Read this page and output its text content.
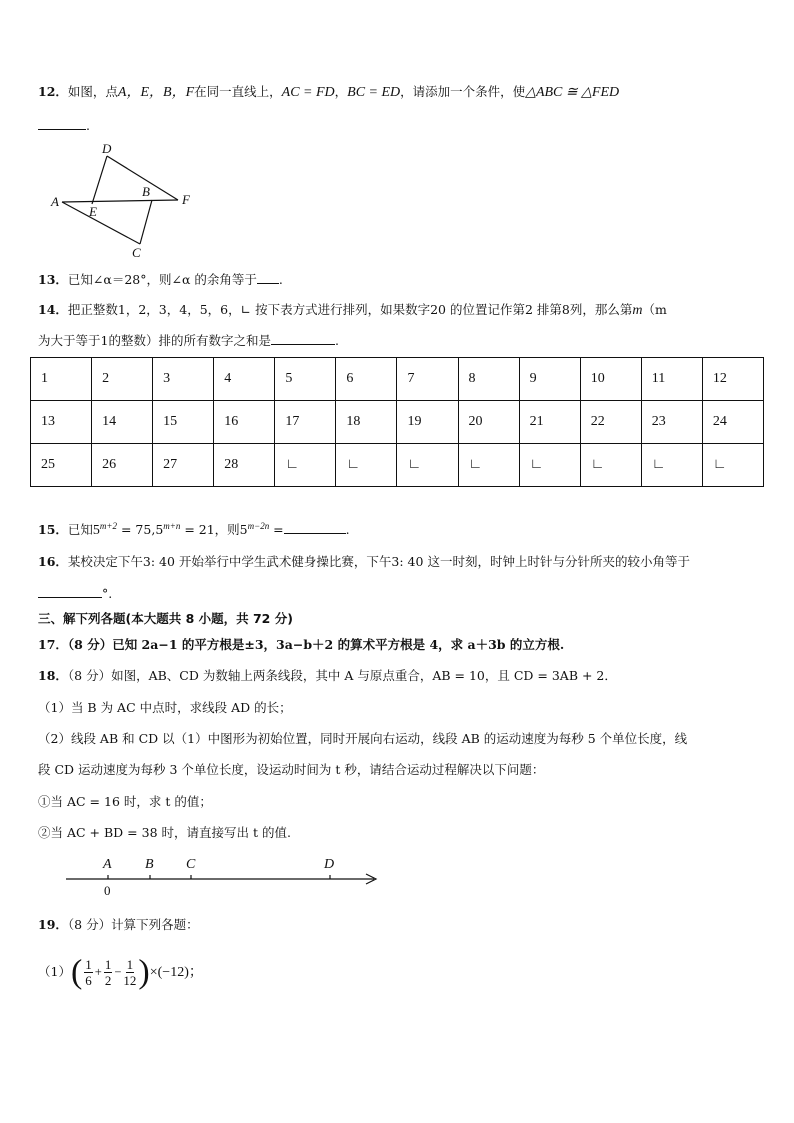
12．如图，点A，E，B，F在同一直线上，AC = FD，BC = ED，请添加一个条件，使△ABC ≅ △FED
.
D
A
E
B
F
C
13．已知∠α＝28°，则∠α 的余角等于 .
14．把正整数1，2，3，4，5，6，∟ 按下表方式进行排列，如果数字20 的位置记作第2 排第8列，那么第m（m
为大于等于1的整数）排的所有数字之和是	.
1	2	3	4	5	6	7	8	9	10	11	12
13	14	15	16	17	18	19	20	21	22	23	24
25	26	27	28	∟	∟	∟	∟	∟	∟	∟	∟
15．已知$5^{m+2} = 75,5^{m+n} = 21$，则$5^{m-2n}$ =	.
16．某校决定下午3: 40 开始举行中学生武术健身操比赛，下午3: 40 这一时刻，时钟上时针与分针所夹的较小角等于
°.
三、解下列各题(本大题共 8 小题，共 72 分)
17．（8 分）已知 2a−1 的平方根是±3，3a−b＋2 的算术平方根是 4，求 a＋3b 的立方根.
18．（8 分）如图，AB、CD 为数轴上两条线段，其中 A 与原点重合，AB = 10，且 CD = 3AB + 2．
（1）当 B 为 AC 中点时，求线段 AD 的长；
（2）线段 AB 和 CD 以（1）中图形为初始位置，同时开展向右运动，线段 AB 的运动速度为每秒 5 个单位长度，线
段 CD 运动速度为每秒 3 个单位长度，设运动时间为 t 秒，请结合运动过程解决以下问题：
①当 AC = 16 时，求 t 的值；
②当 AC + BD = 38 时，请直接写出 t 的值.
A B C	D
0
19．（8 分）计算下列各题：
$(1)( \frac{1}{6} + \frac{1}{2} - \frac{1}{12} )\times(-12)$；
